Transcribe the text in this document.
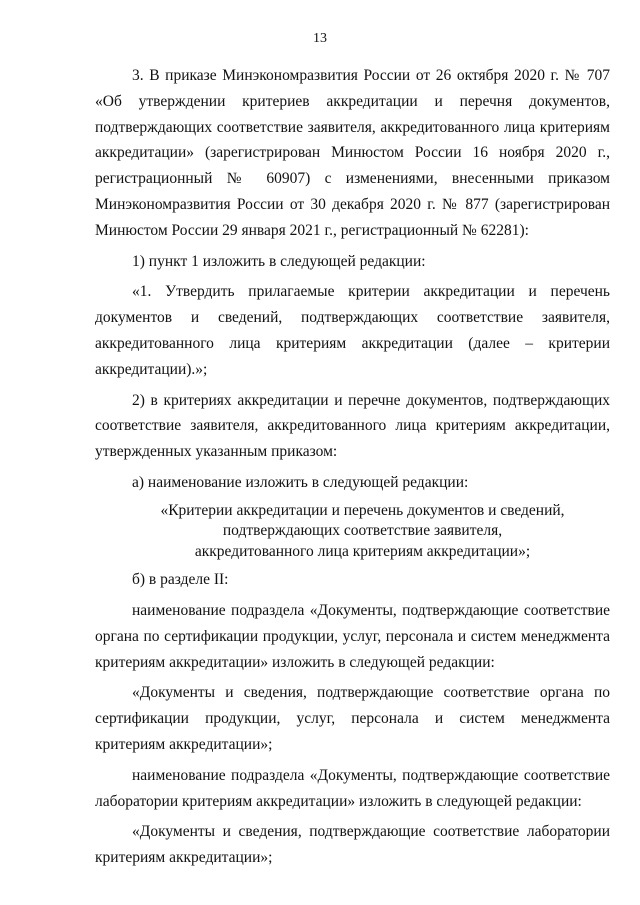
13

3. В приказе Минэкономразвития России от 26 октября 2020 г. № 707 «Об утверждении критериев аккредитации и перечня документов, подтверждающих соответствие заявителя, аккредитованного лица критериям аккредитации» (зарегистрирован Минюстом России 16 ноября 2020 г., регистрационный № 60907) с изменениями, внесенными приказом Минэкономразвития России от 30 декабря 2020 г. № 877 (зарегистрирован Минюстом России 29 января 2021 г., регистрационный № 62281):

1) пункт 1 изложить в следующей редакции:

«1. Утвердить прилагаемые критерии аккредитации и перечень документов и сведений, подтверждающих соответствие заявителя, аккредитованного лица критериям аккредитации (далее – критерии аккредитации).»;

2) в критериях аккредитации и перечне документов, подтверждающих соответствие заявителя, аккредитованного лица критериям аккредитации, утвержденных указанным приказом:

а) наименование изложить в следующей редакции:

«Критерии аккредитации и перечень документов и сведений,
подтверждающих соответствие заявителя,
аккредитованного лица критериям аккредитации»;

б) в разделе II:

наименование подраздела «Документы, подтверждающие соответствие органа по сертификации продукции, услуг, персонала и систем менеджмента критериям аккредитации» изложить в следующей редакции:

«Документы и сведения, подтверждающие соответствие органа по сертификации продукции, услуг, персонала и систем менеджмента критериям аккредитации»;

наименование подраздела «Документы, подтверждающие соответствие лаборатории критериям аккредитации» изложить в следующей редакции:

«Документы и сведения, подтверждающие соответствие лаборатории критериям аккредитации»;
